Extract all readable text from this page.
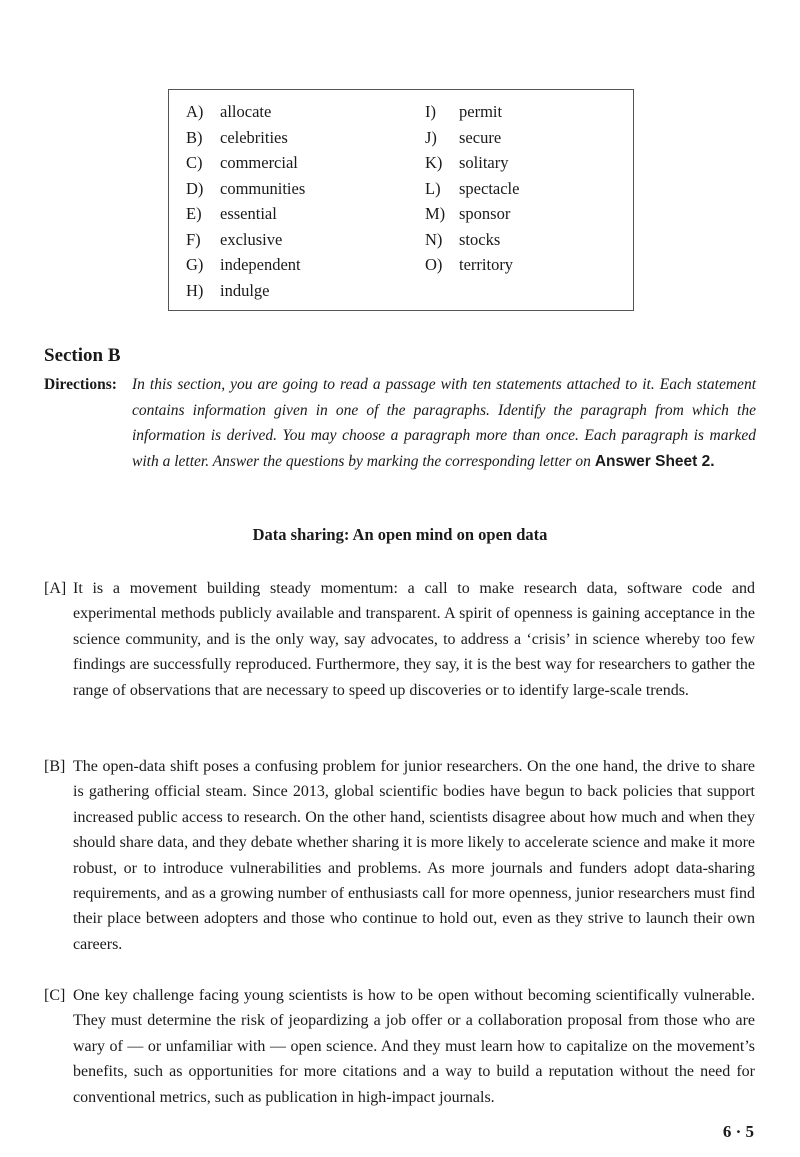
A) allocate
B) celebrities
C) commercial
D) communities
E) essential
F) exclusive
G) independent
H) indulge
I) permit
J) secure
K) solitary
L) spectacle
M) sponsor
N) stocks
O) territory
Section B
Directions: In this section, you are going to read a passage with ten statements attached to it. Each statement contains information given in one of the paragraphs. Identify the paragraph from which the information is derived. You may choose a paragraph more than once. Each paragraph is marked with a letter. Answer the questions by marking the corresponding letter on Answer Sheet 2.
Data sharing: An open mind on open data
[A] It is a movement building steady momentum: a call to make research data, software code and experimental methods publicly available and transparent. A spirit of openness is gaining acceptance in the science community, and is the only way, say advocates, to address a ‘crisis’ in science whereby too few findings are successfully reproduced. Furthermore, they say, it is the best way for researchers to gather the range of observations that are necessary to speed up discoveries or to identify large-scale trends.
[B] The open-data shift poses a confusing problem for junior researchers. On the one hand, the drive to share is gathering official steam. Since 2013, global scientific bodies have begun to back policies that support increased public access to research. On the other hand, scientists disagree about how much and when they should share data, and they debate whether sharing it is more likely to accelerate science and make it more robust, or to introduce vulnerabilities and problems. As more journals and funders adopt data-sharing requirements, and as a growing number of enthusiasts call for more openness, junior researchers must find their place between adopters and those who continue to hold out, even as they strive to launch their own careers.
[C] One key challenge facing young scientists is how to be open without becoming scientifically vulnerable. They must determine the risk of jeopardizing a job offer or a collaboration proposal from those who are wary of — or unfamiliar with — open science. And they must learn how to capitalize on the movement’s benefits, such as opportunities for more citations and a way to build a reputation without the need for conventional metrics, such as publication in high-impact journals.
6 · 5
